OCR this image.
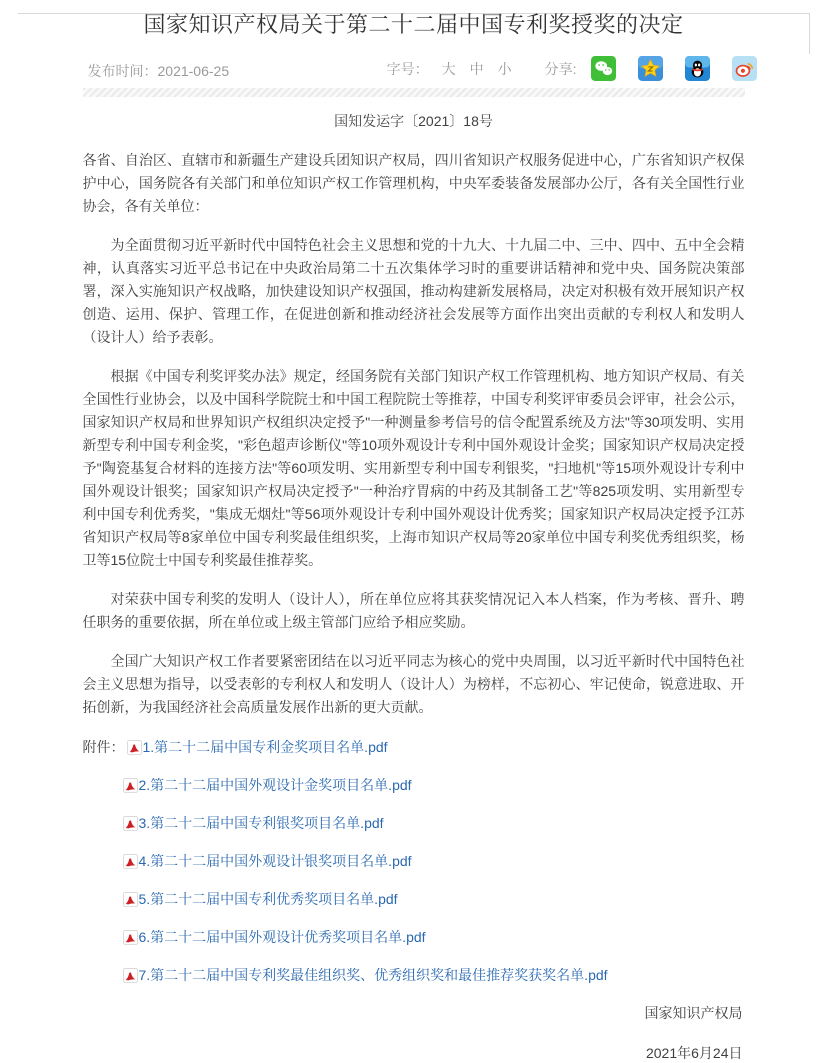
国家知识产权局关于第二十二届中国专利奖授奖的决定
发布时间：2021-06-25	字号： 大 中 小 分享:
国知发运字〔2021〕18号

各省、自治区、直辖市和新疆生产建设兵团知识产权局，四川省知识产权服务促进中心，广东省知识产权保护中心，国务院各有关部门和单位知识产权工作管理机构，中央军委装备发展部办公厅，各有关全国性行业协会，各有关单位：

为全面贯彻习近平新时代中国特色社会主义思想和党的十九大、十九届二中、三中、四中、五中全会精神，认真落实习近平总书记在中央政治局第二十五次集体学习时的重要讲话精神和党中央、国务院决策部署，深入实施知识产权战略，加快建设知识产权强国，推动构建新发展格局，决定对积极有效开展知识产权创造、运用、保护、管理工作，在促进创新和推动经济社会发展等方面作出突出贡献的专利权人和发明人（设计人）给予表彰。

根据《中国专利奖评奖办法》规定，经国务院有关部门知识产权工作管理机构、地方知识产权局、有关全国性行业协会，以及中国科学院院士和中国工程院院士等推荐，中国专利奖评审委员会评审，社会公示，国家知识产权局和世界知识产权组织决定授予"一种测量参考信号的信令配置系统及方法"等30项发明、实用新型专利中国专利金奖，"彩色超声诊断仪"等10项外观设计专利中国外观设计金奖；国家知识产权局决定授予"陶瓷基复合材料的连接方法"等60项发明、实用新型专利中国专利银奖，"扫地机"等15项外观设计专利中国外观设计银奖；国家知识产权局决定授予"一种治疗胃病的中药及其制备工艺"等825项发明、实用新型专利中国专利优秀奖，"集成无烟灶"等56项外观设计专利中国外观设计优秀奖；国家知识产权局决定授予江苏省知识产权局等8家单位中国专利奖最佳组织奖，上海市知识产权局等20家单位中国专利奖优秀组织奖，杨卫等15位院士中国专利奖最佳推荐奖。

对荣获中国专利奖的发明人（设计人），所在单位应将其获奖情况记入本人档案，作为考核、晋升、聘任职务的重要依据，所在单位或上级主管部门应给予相应奖励。

全国广大知识产权工作者要紧密团结在以习近平同志为核心的党中央周围，以习近平新时代中国特色社会主义思想为指导，以受表彰的专利权人和发明人（设计人）为榜样，不忘初心、牢记使命，锐意进取、开拓创新，为我国经济社会高质量发展作出新的更大贡献。

附件： 1.第二十二届中国专利金奖项目名单.pdf
2.第二十二届中国外观设计金奖项目名单.pdf
3.第二十二届中国专利银奖项目名单.pdf
4.第二十二届中国外观设计银奖项目名单.pdf
5.第二十二届中国专利优秀奖项目名单.pdf
6.第二十二届中国外观设计优秀奖项目名单.pdf
7.第二十二届中国专利奖最佳组织奖、优秀组织奖和最佳推荐奖获奖名单.pdf
国家知识产权局
2021年6月24日
